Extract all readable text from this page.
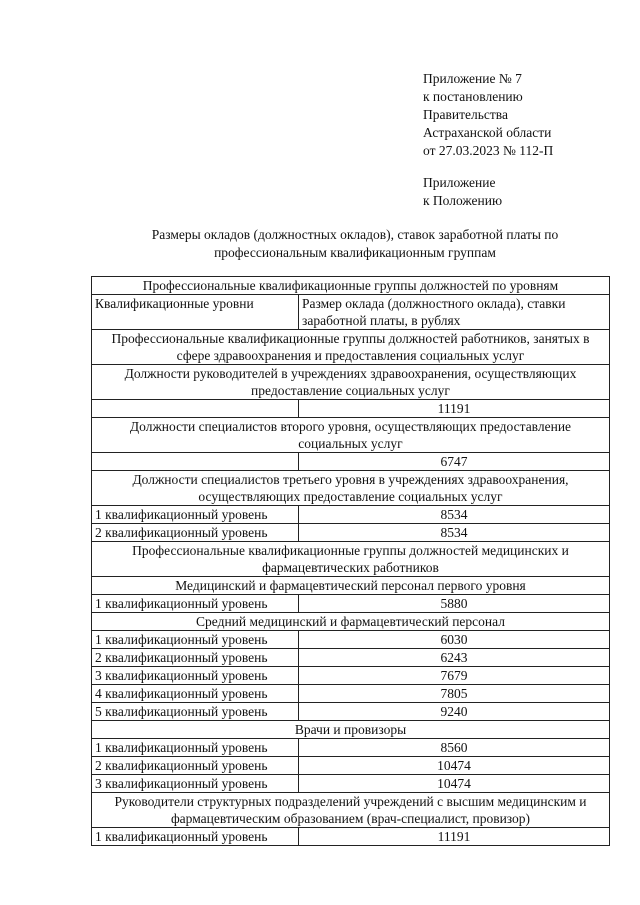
Приложение № 7
к постановлению
Правительства
Астраханской области
от 27.03.2023 № 112-П
Приложение
к Положению
Размеры окладов (должностных окладов), ставок заработной платы по профессиональным квалификационным группам
Профессиональные квалификационные группы должностей по уровням	
Квалификационные уровни	Размер оклада (должностного оклада), ставки заработной платы, в рублях
Профессиональные квалификационные группы должностей работников, занятых в сфере здравоохранения и предоставления социальных услуг	
Должности руководителей в учреждениях здравоохранения, осуществляющих предоставление социальных услуг	
	11191
Должности специалистов второго уровня, осуществляющих предоставление социальных услуг	
	6747
Должности специалистов третьего уровня в учреждениях здравоохранения, осуществляющих предоставление социальных услуг	
1 квалификационный уровень	8534
2 квалификационный уровень	8534
Профессиональные квалификационные группы должностей медицинских и фармацевтических работников	
Медицинский и фармацевтический персонал первого уровня	
1 квалификационный уровень	5880
Средний медицинский и фармацевтический персонал	
1 квалификационный уровень	6030
2 квалификационный уровень	6243
3 квалификационный уровень	7679
4 квалификационный уровень	7805
5 квалификационный уровень	9240
Врачи и провизоры	
1 квалификационный уровень	8560
2 квалификационный уровень	10474
3 квалификационный уровень	10474
Руководители структурных подразделений учреждений с высшим медицинским и фармацевтическим образованием (врач-специалист, провизор)	
1 квалификационный уровень	11191
